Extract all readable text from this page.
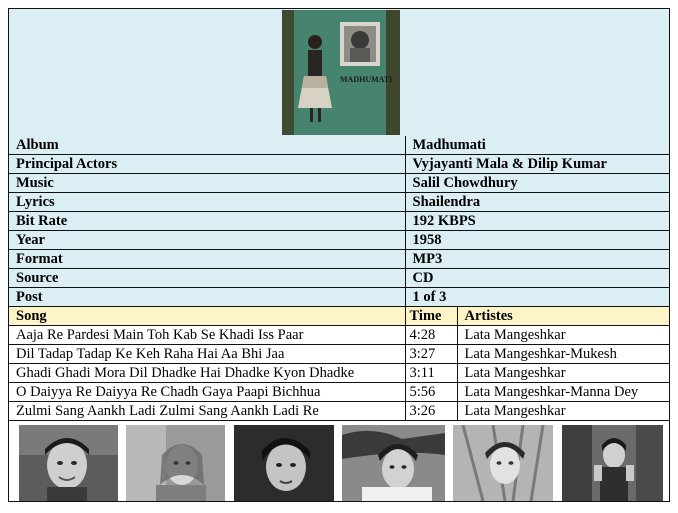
MADHUMATI
Album	Madhumati	
Principal Actors	Vyjayanti Mala & Dilip Kumar	
Music	Salil Chowdhury	
Lyrics	Shailendra	
Bit Rate	192 KBPS	
Year	1958	
Format	MP3	
Source	CD	
Post	1 of 3	
Song	Time	Artistes
Aaja Re Pardesi Main Toh Kab Se Khadi Iss Paar	4:28	Lata Mangeshkar
Dil Tadap Tadap Ke Keh Raha Hai Aa Bhi Jaa	3:27	Lata Mangeshkar-Mukesh
Ghadi Ghadi Mora Dil Dhadke Hai Dhadke Kyon Dhadke	3:11	Lata Mangeshkar
O Daiyya Re Daiyya Re Chadh Gaya Paapi Bichhua	5:56	Lata Mangeshkar-Manna Dey
Zulmi Sang Aankh Ladi Zulmi Sang Aankh Ladi Re	3:26	Lata Mangeshkar
